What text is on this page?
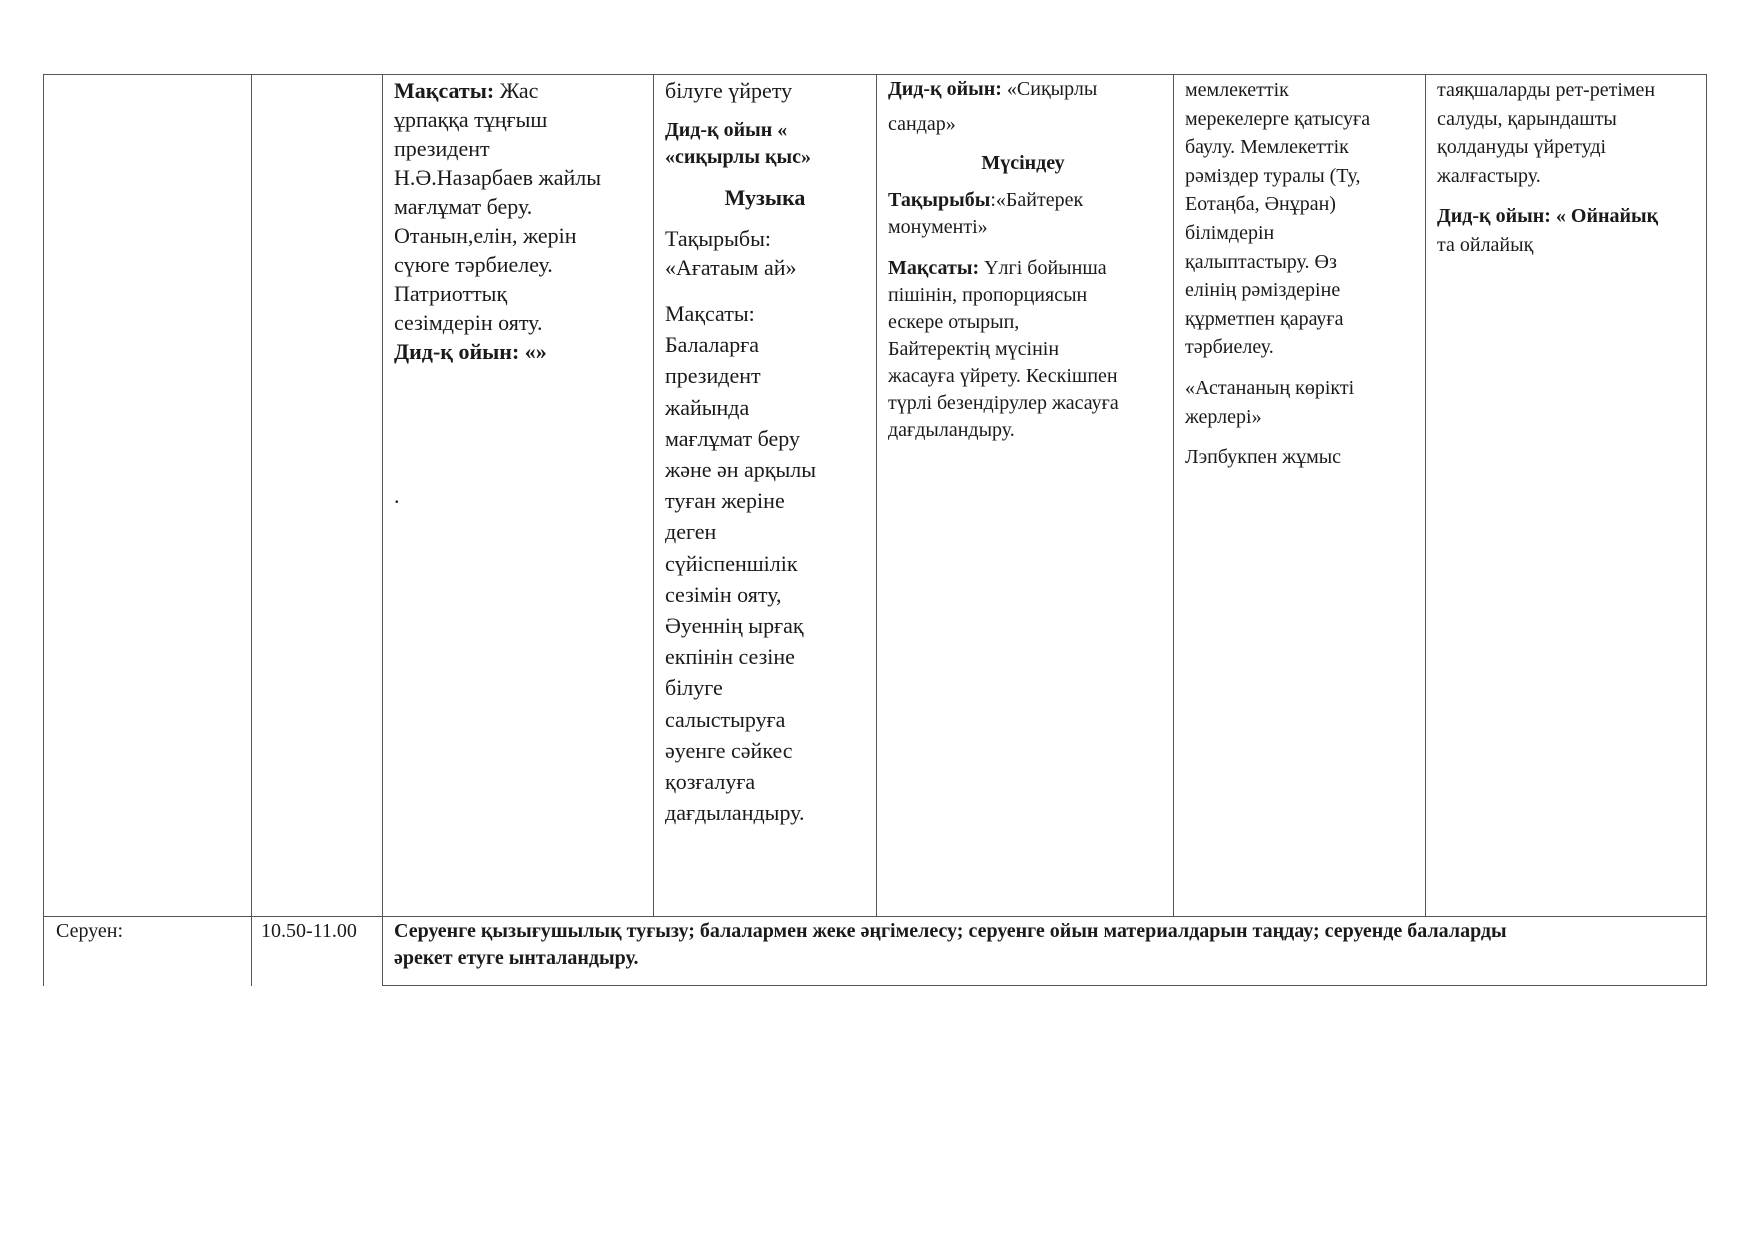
Мақсаты: Жас

ұрпаққа тұңғыш

президент

Н.Ә.Назарбаев жайлы

мағлұмат беру.

Отанын,елін, жерін

сүюге тәрбиелеу.

Патриоттық

сезімдерін ояту.

Дид-қ ойын: «»

.

білуге үйрету

Дид-қ ойын «

«сиқырлы қыс»

Музыка

Тақырыбы:

«Ағатаым ай»

Мақсаты:

Балаларға

президент

жайында

мағлұмат беру

және ән арқылы

туған жеріне

деген

сүйіспеншілік

сезімін ояту,

Әуеннің ырғақ

екпінін сезіне

білуге

салыстыруға

әуенге сәйкес

қозғалуға

дағдыландыру.

Дид-қ ойын: «Сиқырлы

сандар»

Мүсіндеу

Тақырыбы:«Байтерек

монументі»

Мақсаты: Үлгі бойынша

пішінін, пропорциясын

ескере отырып,

Байтеректің мүсінін

жасауға үйрету. Кескішпен

түрлі безендірулер жасауға

дағдыландыру.

мемлекеттік

мерекелерге қатысуға

баулу. Мемлекеттік

рәміздер туралы (Ту,

Еотаңба, Әнұран)

білімдерін

қалыптастыру. Өз

елінің рәміздеріне

құрметпен қарауға

тәрбиелеу.

«Астананың көрікті

жерлері»

Лэпбукпен жұмыс

таяқшаларды рет-ретімен

салуды, қарындашты

қолдануды үйретуді

жалғастыру.

Дид-қ ойын: « Ойнайық

та ойлайық

Серуен:	10.50-11.00 Серуенге қызығушылық туғызу; балалармен жеке әңгімелесу; серуенге ойын материалдарын таңдау; серуенде балаларды

әрекет етуге ынталандыру.
